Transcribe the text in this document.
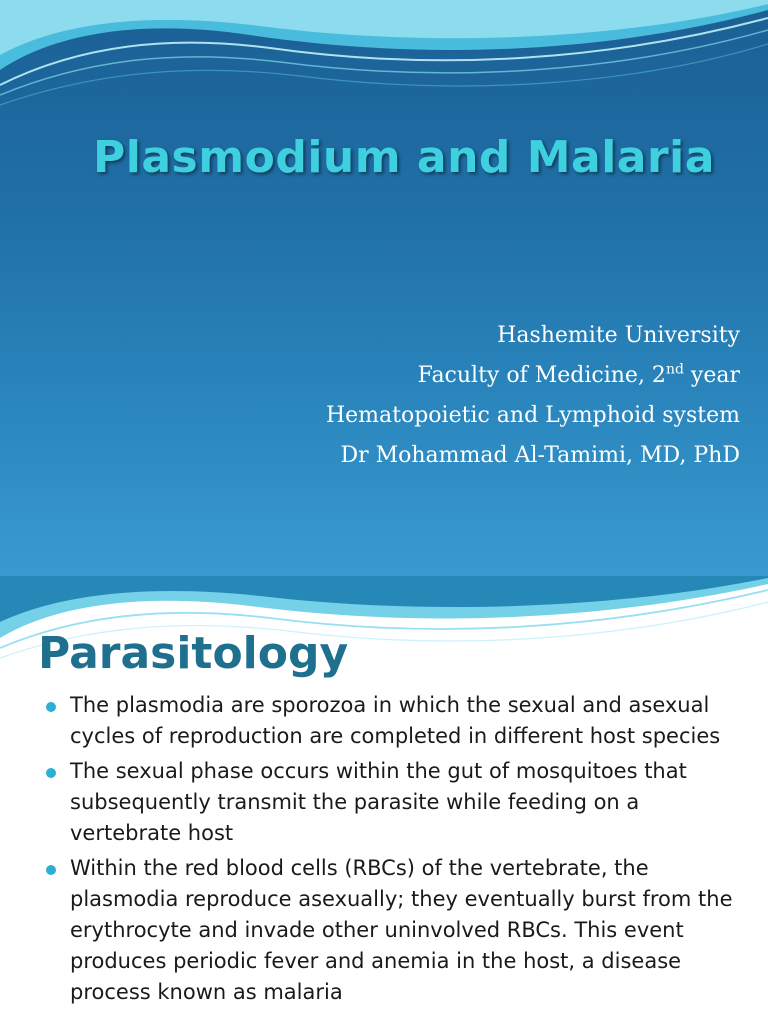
Plasmodium and Malaria
Hashemite University
Faculty of Medicine, 2nd year
Hematopoietic and Lymphoid system
Dr Mohammad Al-Tamimi, MD, PhD
Parasitology
The plasmodia are sporozoa in which the sexual and asexual cycles of reproduction are completed in different host species
The sexual phase occurs within the gut of mosquitoes that subsequently transmit the parasite while feeding on a vertebrate host
Within the red blood cells (RBCs) of the vertebrate, the plasmodia reproduce asexually; they eventually burst from the erythrocyte and invade other uninvolved RBCs. This event produces periodic fever and anemia in the host, a disease process known as malaria
